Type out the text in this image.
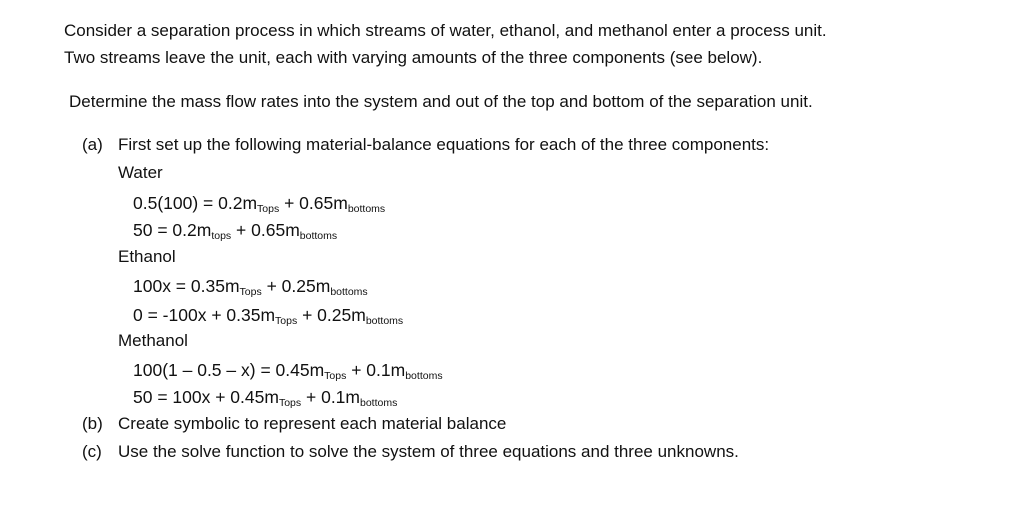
Consider a separation process in which streams of water, ethanol, and methanol enter a process unit.
Two streams leave the unit, each with varying amounts of the three components (see below).
Determine the mass flow rates into the system and out of the top and bottom of the separation unit.
(a) First set up the following material-balance equations for each of the three components:
Water
$0.5(100) = 0.2m_{Tops} + 0.65m_{bottoms}$
$50 = 0.2m_{tops} + 0.65m_{bottoms}$
Ethanol
$100x = 0.35m_{Tops} + 0.25m_{bottoms}$
$0 = -100x + 0.35m_{Tops} + 0.25m_{bottoms}$
Methanol
$100(1 - 0.5 - x) = 0.45m_{Tops} + 0.1m_{bottoms}$
$50 = 100x + 0.45m_{Tops} + 0.1m_{bottoms}$
(b) Create symbolic to represent each material balance
(c) Use the solve function to solve the system of three equations and three unknowns.
